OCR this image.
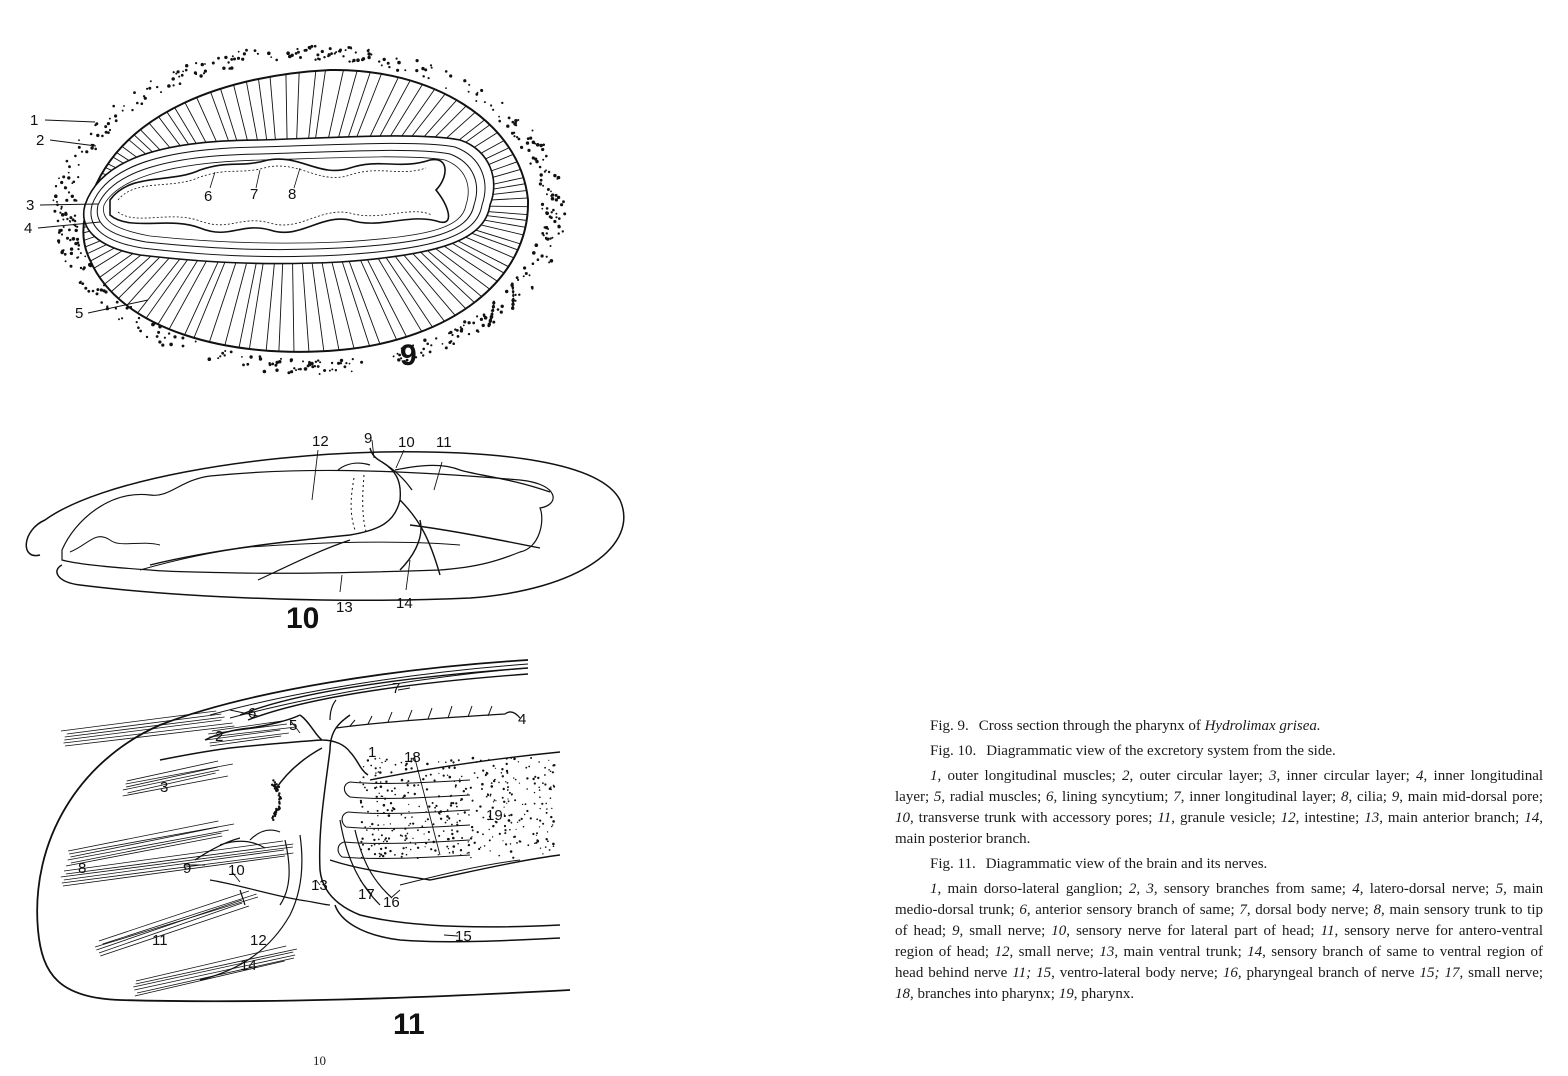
1
2
3
4
5
6	7 8
9
9 10 11
12
13	14
10
1
2
3
4
5
6
7
8	9 10
11	12
13
14
15
16
17
18
19
11
10

Fig. 9. Cross section through the pharynx of Hydrolimax grisea.

Fig. 10. Diagrammatic view of the excretory system from the side.

1, outer longitudinal muscles; 2, outer circular layer; 3, inner circular layer; 4, inner longitudinal layer; 5, radial muscles; 6, lining syncytium; 7, inner longitudinal layer; 8, cilia; 9, main mid-dorsal pore; 10, transverse trunk with accessory pores; 11, granule vesicle; 12, intestine; 13, main anterior branch; 14, main posterior branch.

Fig. 11. Diagrammatic view of the brain and its nerves.

1, main dorso-lateral ganglion; 2, 3, sensory branches from same; 4, latero-dorsal nerve; 5, main medio-dorsal trunk; 6, anterior sensory branch of same; 7, dorsal body nerve; 8, main sensory trunk to tip of head; 9, small nerve; 10, sensory nerve for lateral part of head; 11, sensory nerve for antero-ventral region of head; 12, small nerve; 13, main ventral trunk; 14, sensory branch of same to ventral region of head behind nerve 11; 15, ventro-lateral body nerve; 16, pharyngeal branch of nerve 15; 17, small nerve; 18, branches into pharynx; 19, pharynx.
